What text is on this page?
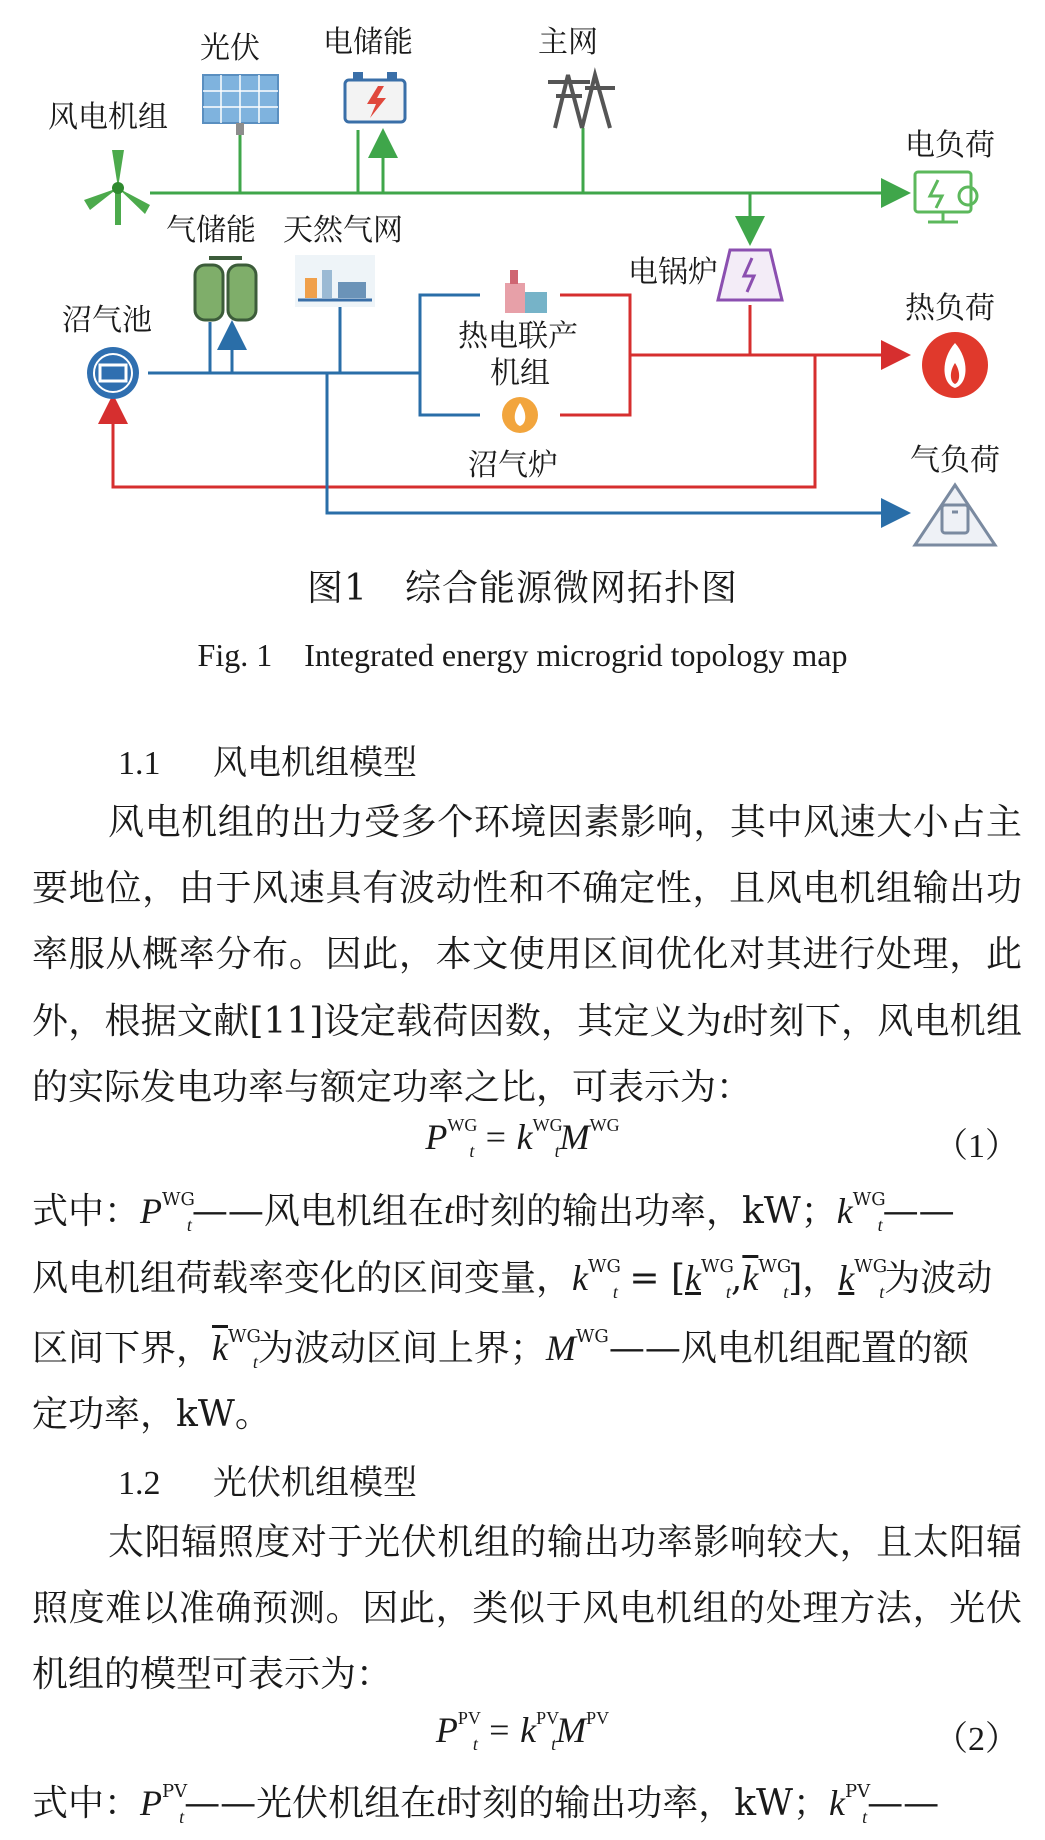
风电机组
光伏 电储能	主网
电负荷
气储能 天然气网
电锅炉
热负荷
沼气池	热电联产
机组
沼气炉	气负荷
图1　综合能源微网拓扑图
Fig. 1　Integrated energy microgrid topology map
1.1 风电机组模型
风电机组的出力受多个环境因素影响，其中风速大小占主要地位，由于风速具有波动性和不确定性，且风电机组输出功率服从概率分布。因此，本文使用区间优化对其进行处理，此外，根据文献[11]设定载荷因数，其定义为t时刻下，风电机组的实际发电功率与额定功率之比，可表示为：
$P^{WG}_t = k^{WG}_tM^{WG}$
（1）
式中：$P^{WG}_t——$风电机组在t时刻的输出功率，kW；$k^{WG}_t——$
风电机组荷载率变化的区间变量，$k^{WG}_t = [k^{WG}_t,\overline{k}^{WG}_t]$，$k^{WG}_t$为波动
区间下界，$\overline{k}^{WG}_t$为波动区间上界；$M^{WG}——$风电机组配置的额
定功率，kW。
1.2 光伏机组模型
太阳辐照度对于光伏机组的输出功率影响较大，且太阳辐照度难以准确预测。因此，类似于风电机组的处理方法，光伏机组的模型可表示为：
$P^{PV}_t = k^{PV}_tM^{PV}$
（2）
式中：$P^{PV}_t——$光伏机组在t时刻的输出功率，kW；$k^{PV}_t——$
